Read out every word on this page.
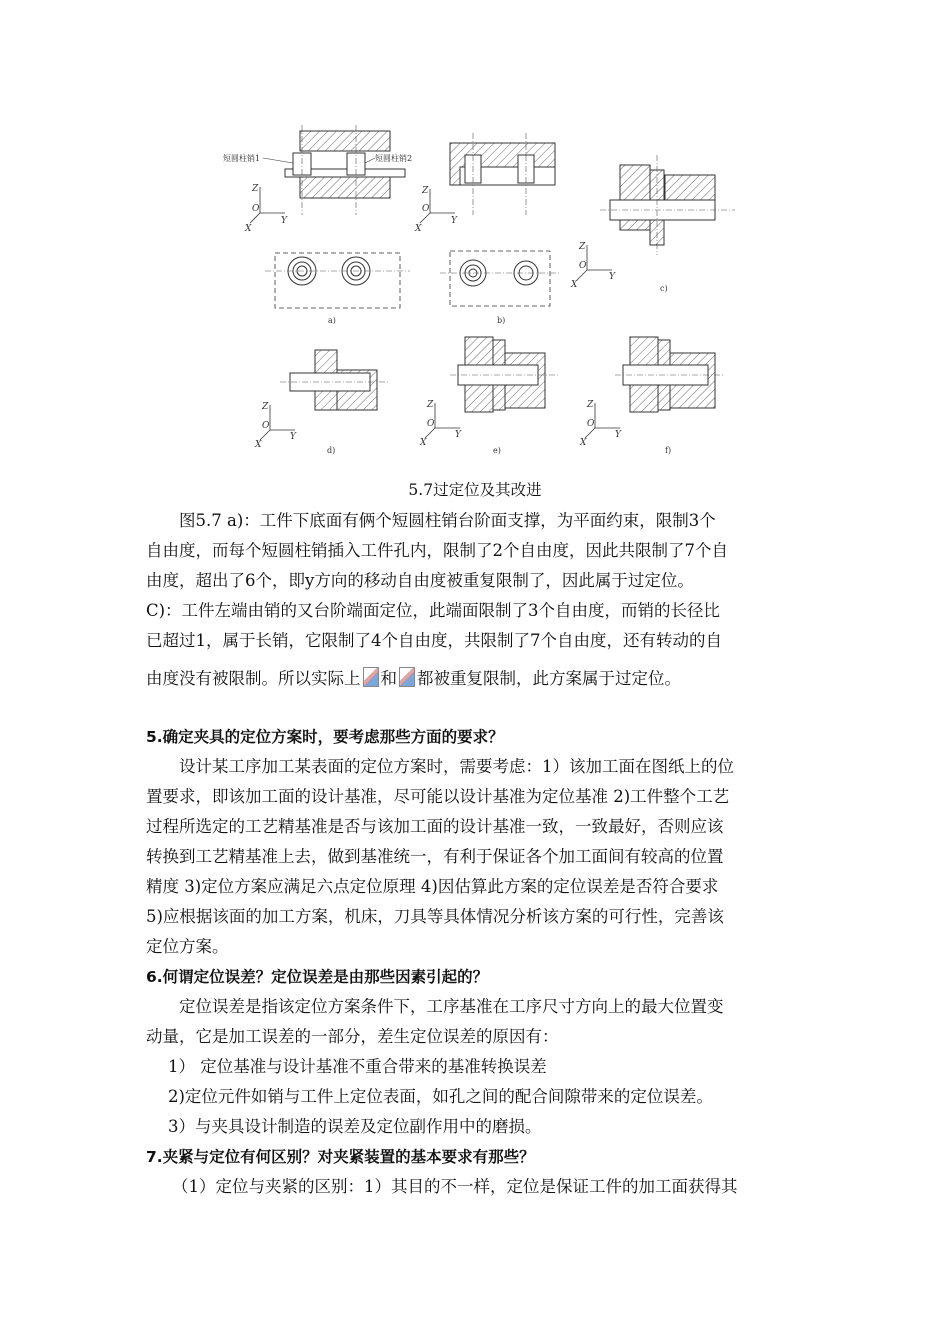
短圆柱销1	短圆柱销2
Z
O
Y
X
a)
Z
O
Y
X
b)
Z
O
Y
X	c)
Z
O
Y
X
d)
Z
O
Y
X
e)
Z
O
Y
X
f)
5.7过定位及其改进
图5.7 a)：工件下底面有俩个短圆柱销台阶面支撑，为平面约束，限制3个
自由度，而每个短圆柱销插入工件孔内，限制了2个自由度，因此共限制了7个自
由度，超出了6个，即y方向的移动自由度被重复限制了，因此属于过定位。
C)：工件左端由销的又台阶端面定位，此端面限制了3个自由度，而销的长径比
已超过1，属于长销，它限制了4个自由度，共限制了7个自由度，还有转动的自
由度没有被限制。所以实际上 和 都被重复限制，此方案属于过定位。
5.确定夹具的定位方案时，要考虑那些方面的要求？
设计某工序加工某表面的定位方案时，需要考虑：1）该加工面在图纸上的位
置要求，即该加工面的设计基准，尽可能以设计基准为定位基准 2)工件整个工艺
过程所选定的工艺精基准是否与该加工面的设计基准一致，一致最好，否则应该
转换到工艺精基准上去，做到基准统一，有利于保证各个加工面间有较高的位置
精度 3)定位方案应满足六点定位原理 4)因估算此方案的定位误差是否符合要求
5)应根据该面的加工方案，机床，刀具等具体情况分析该方案的可行性，完善该
定位方案。
6.何谓定位误差？定位误差是由那些因素引起的？
定位误差是指该定位方案条件下，工序基准在工序尺寸方向上的最大位置变
动量，它是加工误差的一部分，差生定位误差的原因有：
1） 定位基准与设计基准不重合带来的基准转换误差
2)定位元件如销与工件上定位表面，如孔之间的配合间隙带来的定位误差。
3）与夹具设计制造的误差及定位副作用中的磨损。
7.夹紧与定位有何区别？对夹紧装置的基本要求有那些？
（1）定位与夹紧的区别：1）其目的不一样，定位是保证工件的加工面获得其
